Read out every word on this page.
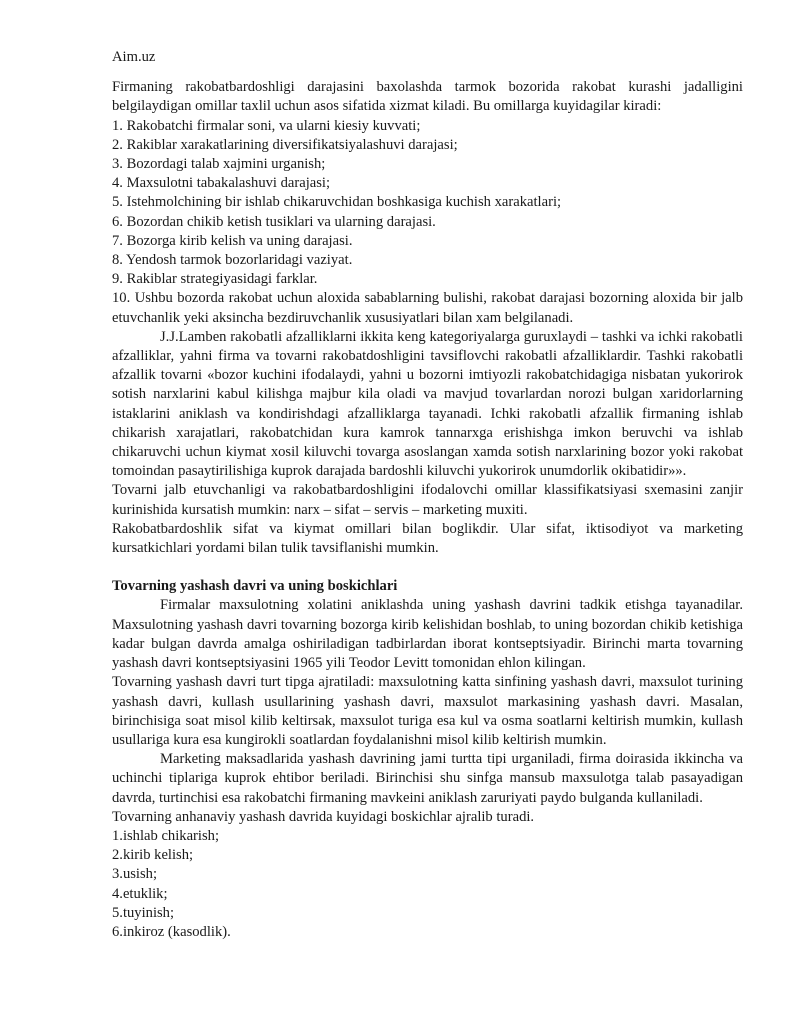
Aim.uz

Firmaning rakobatbardoshligi darajasini baxolashda tarmok bozorida rakobat kurashi jadalligini belgilaydigan omillar taxlil uchun asos sifatida xizmat kiladi. Bu omillarga kuyidagilar kiradi:

1. Rakobatchi firmalar soni, va ularni kiesiy kuvvati;
2. Rakiblar xarakatlarining diversifikatsiyalashuvi darajasi;
3. Bozordagi talab xajmini urganish;
4. Maxsulotni tabakalashuvi darajasi;
5. Istehmolchining bir ishlab chikaruvchidan boshkasiga kuchish xarakatlari;
6. Bozordan chikib ketish tusiklari va ularning darajasi.
7. Bozorga kirib kelish va uning darajasi.
8. Yendosh tarmok bozorlaridagi vaziyat.
9. Rakiblar strategiyasidagi farklar.
10. Ushbu bozorda rakobat uchun aloxida sabablarning bulishi, rakobat darajasi bozorning aloxida bir jalb etuvchanlik yeki aksincha bezdiruvchanlik xususiyatlari bilan xam belgilanadi.

J.J.Lamben rakobatli afzalliklarni ikkita keng kategoriyalarga guruxlaydi – tashki va ichki rakobatli afzalliklar, yahni firma va tovarni rakobatdoshligini tavsiflovchi rakobatli afzalliklardir. Tashki rakobatli afzallik tovarni «bozor kuchini ifodalaydi, yahni u bozorni imtiyozli rakobatchidagiga nisbatan yukorirok sotish narxlarini kabul kilishga majbur kila oladi va mavjud tovarlardan norozi bulgan xaridorlarning istaklarini aniklash va kondirishdagi afzalliklarga tayanadi. Ichki rakobatli afzallik firmaning ishlab chikarish xarajatlari, rakobatchidan kura kamrok tannarxga erishishga imkon beruvchi va ishlab chikaruvchi uchun kiymat xosil kiluvchi tovarga asoslangan xamda sotish narxlarining bozor yoki rakobat tomoindan pasaytirilishiga kuprok darajada bardoshli kiluvchi yukorirok unumdorlik okibatidir»».

Tovarni jalb etuvchanligi va rakobatbardoshligini ifodalovchi omillar klassifikatsiyasi sxemasini zanjir kurinishida kursatish mumkin: narx – sifat – servis – marketing muxiti.

Rakobatbardoshlik sifat va kiymat omillari bilan boglikdir. Ular sifat, iktisodiyot va marketing kursatkichlari yordami bilan tulik tavsiflanishi mumkin.

Tovarning yashash davri va uning boskichlari

Firmalar maxsulotning xolatini aniklashda uning yashash davrini tadkik etishga tayanadilar. Maxsulotning yashash davri tovarning bozorga kirib kelishidan boshlab, to uning bozordan chikib ketishiga kadar bulgan davrda amalga oshiriladigan tadbirlardan iborat kontseptsiyadir. Birinchi marta tovarning yashash davri kontseptsiyasini 1965 yili Teodor Levitt tomonidan ehlon kilingan.

Tovarning yashash davri turt tipga ajratiladi: maxsulotning katta sinfining yashash davri, maxsulot turining yashash davri, kullash usullarining yashash davri, maxsulot markasining yashash davri. Masalan, birinchisiga soat misol kilib keltirsak, maxsulot turiga esa kul va osma soatlarni keltirish mumkin, kullash usullariga kura esa kungirokli soatlardan foydalanishni misol kilib keltirish mumkin.

Marketing maksadlarida yashash davrining jami turtta tipi urganiladi, firma doirasida ikkincha va uchinchi tiplariga kuprok ehtibor beriladi. Birinchisi shu sinfga mansub maxsulotga talab pasayadigan davrda, turtinchisi esa rakobatchi firmaning mavkeini aniklash zaruriyati paydo bulganda kullaniladi.

Tovarning anhanaviy yashash davrida kuyidagi boskichlar ajralib turadi.

1.ishlab chikarish;
2.kirib kelish;
3.usish;
4.etuklik;
5.tuyinish;
6.inkiroz (kasodlik).
